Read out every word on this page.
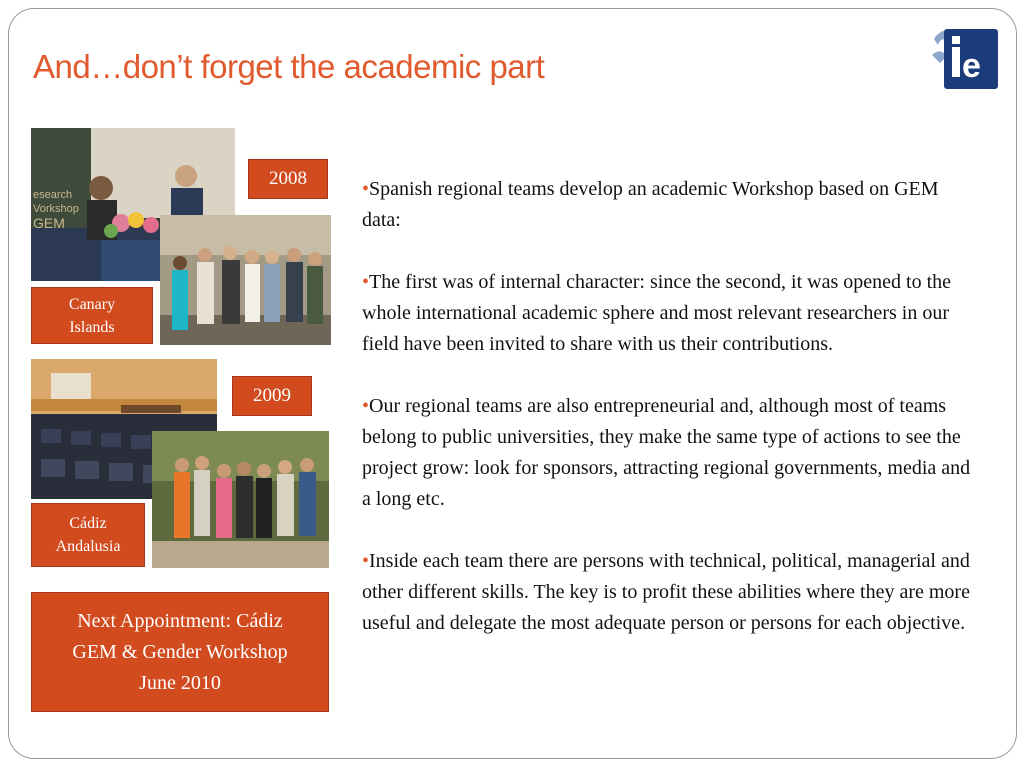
And…don’t forget the academic part	e
esearch
Vorkshop
GEM
2008
Canary
Islands
2009
Cádiz
Andalusia
Next Appointment: Cádiz
GEM & Gender Workshop
June 2010

•Spanish regional teams develop an academic Workshop based on GEM data:

•The first was of internal character: since the second, it was opened to the whole international academic sphere and most relevant researchers in our field have been invited to share with us their contributions.

•Our regional teams are also entrepreneurial and, although most of teams belong to public universities, they make the same type of actions to see the project grow: look for sponsors, attracting regional governments, media and a long etc.

•Inside each team there are persons with technical, political, managerial and other different skills. The key is to profit these abilities where they are more useful and delegate the most adequate person or persons for each objective.
